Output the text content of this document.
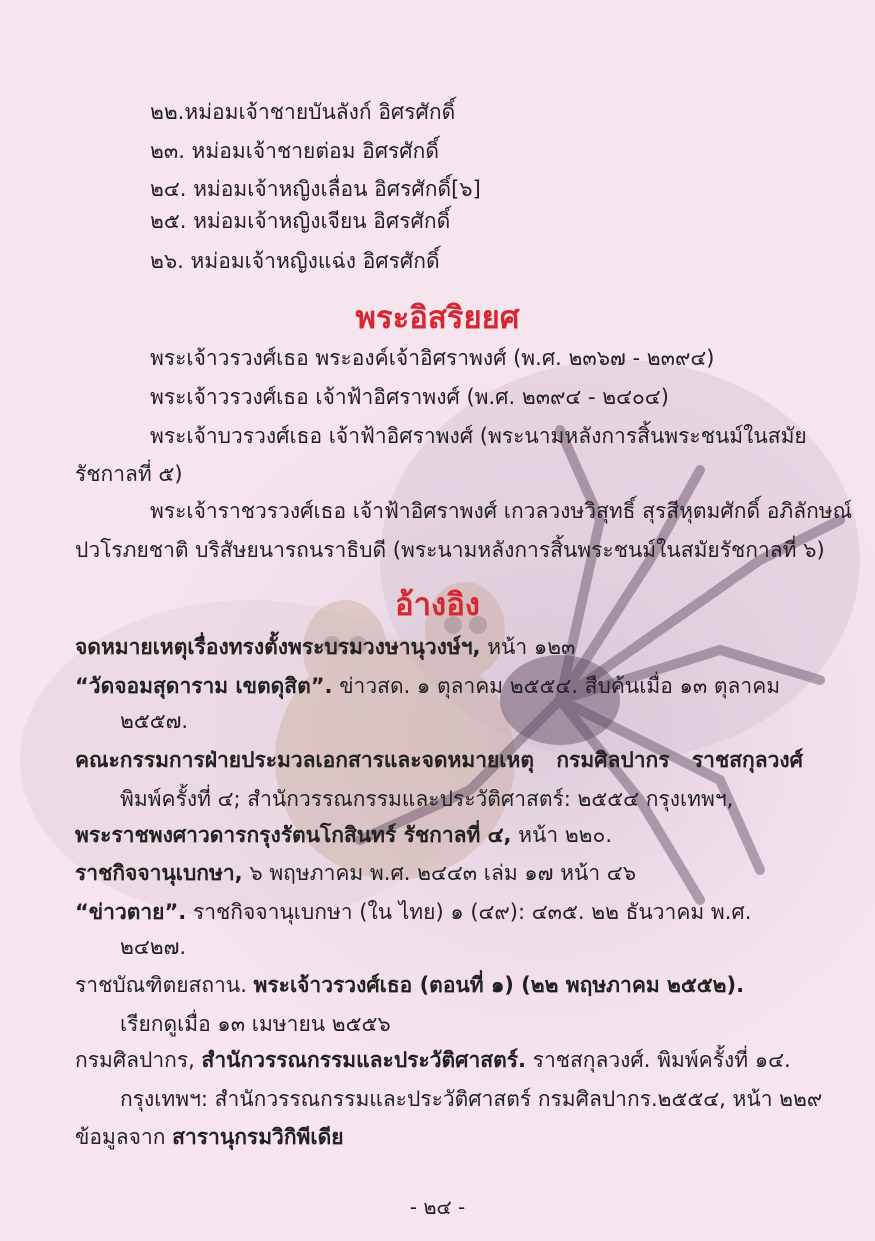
๒๒.หม่อมเจ้าชายบันลังก์ อิศรศักดิ์
๒๓. หม่อมเจ้าชายต่อม อิศรศักดิ์
๒๔. หม่อมเจ้าหญิงเลื่อน อิศรศักดิ์[๖]
๒๕. หม่อมเจ้าหญิงเจียน อิศรศักดิ์
๒๖. หม่อมเจ้าหญิงแฉ่ง อิศรศักดิ์
พระอิสริยยศ
พระเจ้าวรวงศ์เธอ พระองค์เจ้าอิศราพงศ์ (พ.ศ. ๒๓๖๗ - ๒๓๙๔)
พระเจ้าวรวงศ์เธอ เจ้าฟ้าอิศราพงศ์ (พ.ศ. ๒๓๙๔ - ๒๔๐๔)
พระเจ้าบวรวงศ์เธอ เจ้าฟ้าอิศราพงศ์ (พระนามหลังการสิ้นพระชนม์ในสมัย
รัชกาลที่ ๕)
พระเจ้าราชวรวงศ์เธอ เจ้าฟ้าอิศราพงศ์ เกวลวงษวิสุทธิ์ สุรสีหุตมศักดิ์ อภิลักษณ์
ปวโรภยชาติ บริสัษยนารถนราธิบดี (พระนามหลังการสิ้นพระชนม์ในสมัยรัชกาลที่ ๖)
อ้างอิง
จดหมายเหตุเรื่องทรงตั้งพระบรมวงษานุวงษ์ฯ, หน้า ๑๒๓
“วัดจอมสุดาราม เขตดุสิต”. ข่าวสด. ๑ ตุลาคม ๒๕๕๔. สืบค้นเมื่อ ๑๓ ตุลาคม
๒๕๕๗.
คณะกรรมการฝ่ายประมวลเอกสารและจดหมายเหตุ กรมศิลปากร ราชสกุลวงศ์
พิมพ์ครั้งที่ ๔; สำนักวรรณกรรมและประวัติศาสตร์: ๒๕๕๔ กรุงเทพฯ,
พระราชพงศาวดารกรุงรัตนโกสินทร์ รัชกาลที่ ๔, หน้า ๒๒๐.
ราชกิจจานุเบกษา, ๖ พฤษภาคม พ.ศ. ๒๔๔๓ เล่ม ๑๗ หน้า ๔๖
“ข่าวตาย”. ราชกิจจานุเบกษา (ใน ไทย) ๑ (๔๙): ๔๓๕. ๒๒ ธันวาคม พ.ศ.
๒๔๒๗.
ราชบัณฑิตยสถาน. พระเจ้าวรวงศ์เธอ (ตอนที่ ๑) (๒๒ พฤษภาคม ๒๕๕๒).
เรียกดูเมื่อ ๑๓ เมษายน ๒๕๕๖
กรมศิลปากร, สำนักวรรณกรรมและประวัติศาสตร์. ราชสกุลวงศ์. พิมพ์ครั้งที่ ๑๔.
กรุงเทพฯ: สำนักวรรณกรรมและประวัติศาสตร์ กรมศิลปากร.๒๕๕๔, หน้า ๒๒๙
ข้อมูลจาก สารานุกรมวิกิพีเดีย
- ๒๔ -
